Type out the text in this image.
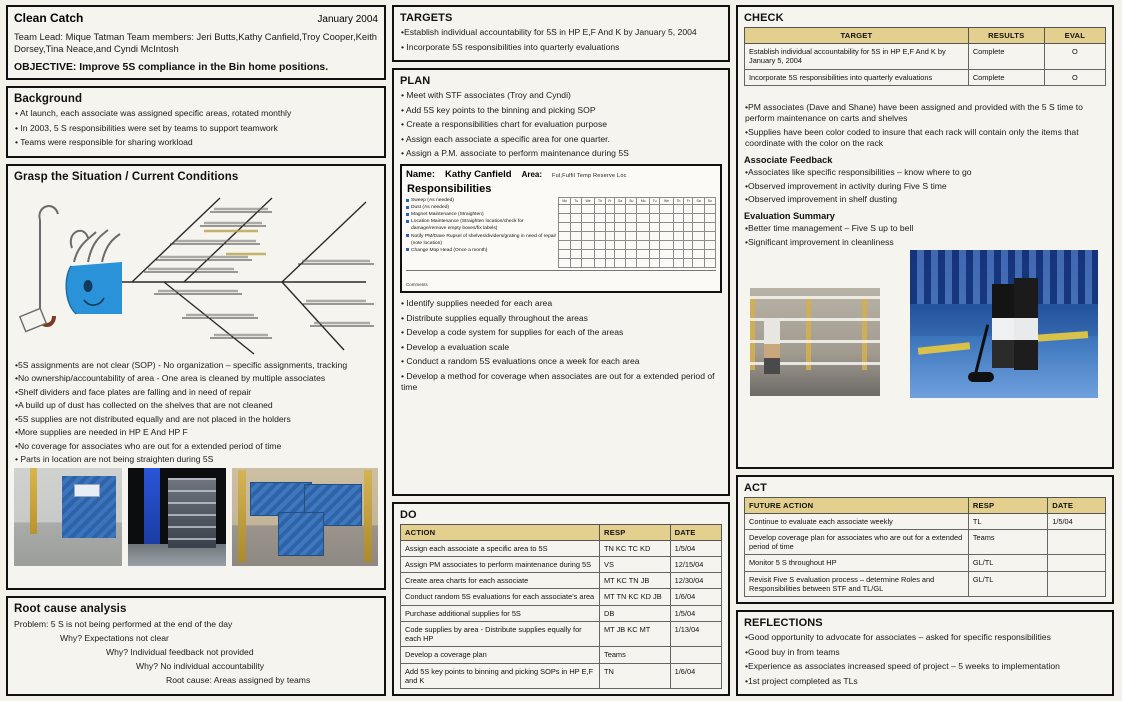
Clean Catch	January 2004
Team Lead: Mique Tatman Team members: Jeri Butts,Kathy Canfield,Troy Cooper,Keith Dorsey,Tina Neace,and Cyndi McIntosh
OBJECTIVE: Improve 5S compliance in the Bin home positions.
Background
• At launch, each associate was assigned specific areas, rotated monthly
• In 2003, 5 S responsibilities were set by teams to support teamwork
• Teams were responsible for sharing workload
Grasp the Situation / Current Conditions
•5S assignments are not clear (SOP) - No organization – specific assignments, tracking
•No ownership/accountability of area - One area is cleaned by multiple associates
•Shelf dividers and face plates are falling and in need of repair
•A build up of dust has collected on the shelves that are not cleaned
•5S supplies are not distributed equally and are not placed in the holders
•More supplies are needed in HP E And HP F
•No coverage for associates who are out for a extended period of time
• Parts in location are not being straighten during 5S
Root cause analysis
Problem: 5 S is not being performed at the end of the day
Why? Expectations not clear
Why? Individual feedback not provided
Why? No individual accountability
Root cause: Areas assigned by teams
TARGETS
•Establish individual accountability for 5S in HP E,F And K by January 5, 2004
• Incorporate 5S responsibilities into quarterly evaluations
PLAN
• Meet with STF associates (Troy and Cyndi)
• Add 5S key points to the binning and picking SOP
• Create a responsibilities chart for evaluation purpose
• Assign each associate a specific area for one quarter.
• Assign a P.M. associate to perform maintenance during 5S
Name: Kathy Canfield Area: Ful,Fulfil Temp Reserve Loc
Responsibilities
Sweep (As needed)
Dust (As needed)
Magnet Maintenance (Straighten)
Location Maintenance (Straighten location/check for damage/remove empty boxes/fix labels)
Notify PM/Dave Rupsel of shelves/dividers/grating in need of repair (note location)
Change Mop Head (Once a month)
Mo	Tu	We	Th	Fr	Sa	Su	Mo	Tu	We	Th	Fr	Sa	Su

Comments
• Identify supplies needed for each area
• Distribute supplies equally throughout the areas
• Develop a code system for supplies for each of the areas
• Develop a evaluation scale
• Conduct a random 5S evaluations once a week for each area
• Develop a method for coverage when associates are out for a extended period of time
DO
ACTION	RESP	DATE
Assign each associate a specific area to 5S	TN KC TC KD	1/5/04
Assign PM associates to perform maintenance during 5S	VS	12/15/04
Create area charts for each associate	MT KC TN JB	12/30/04
Conduct random 5S evaluations for each associate's area	MT TN KC KD JB	1/6/04
Purchase additional supplies for 5S	DB	1/5/04
Code supplies by area - Distribute supplies equally for each HP	MT JB KC MT	1/13/04
Develop a coverage plan	Teams	
Add 5S key points to binning and picking SOPs in HP E,F and K	TN	1/6/04
CHECK
TARGET	RESULTS	EVAL
Establish individual accountability for 5S in HP E,F And K by January 5, 2004	Complete	O
Incorporate 5S responsibilities into quarterly evaluations	Complete	O
•PM associates (Dave and Shane) have been assigned and provided with the 5 S time to perform maintenance on carts and shelves
•Supplies have been color coded to insure that each rack will contain only the items that coordinate with the color on the rack
Associate Feedback
•Associates like specific responsibilities – know where to go
•Observed improvement in activity during Five S time
•Observed improvement in shelf dusting
Evaluation Summary
•Better time management – Five S up to bell
•Significant improvement in cleanliness
ACT
FUTURE ACTION	RESP	DATE
Continue to evaluate each associate weekly	TL	1/5/04
Develop coverage plan for associates who are out for a extended period of time	Teams	
Monitor 5 S throughout HP	GL/TL	
Revisit Five S evaluation process – determine Roles and Responsibilities between STF and TL/GL	GL/TL	
REFLECTIONS
•Good opportunity to advocate for associates – asked for specific responsibilities
•Good buy in from teams
•Experience as associates increased speed of project – 5 weeks to implementation
•1st project completed as TLs
